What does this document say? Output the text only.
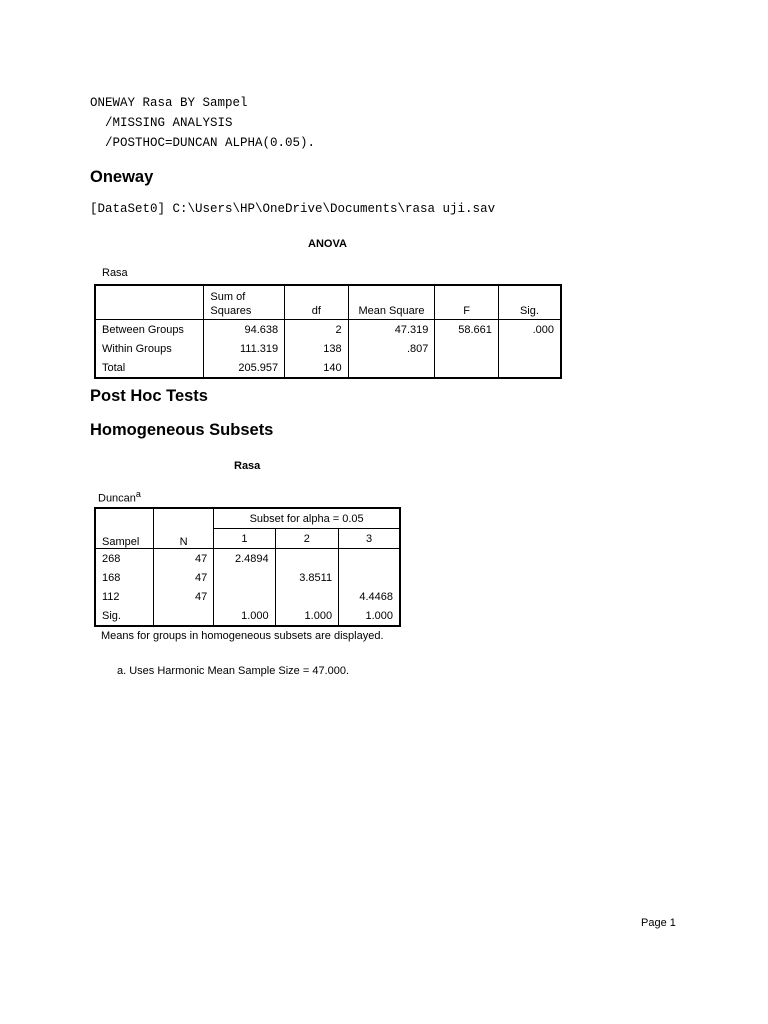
ONEWAY Rasa BY Sampel
/MISSING ANALYSIS
/POSTHOC=DUNCAN ALPHA(0.05).
Oneway
[DataSet0] C:\Users\HP\OneDrive\Documents\rasa uji.sav
ANOVA
Rasa
	Sum of
Squares	df	Mean Square	F	Sig.
Between Groups	94.638	2	47.319	58.661	.000
Within Groups	111.319	138	.807		
Total	205.957	140			
Post Hoc Tests
Homogeneous Subsets
Rasa
Duncan$^a$
Sampel	N	Subset for alpha = 0.05		
		1	2	3
268	47	2.4894		
168	47		3.8511	
112	47			4.4468
Sig.		1.000	1.000	1.000
Means for groups in homogeneous subsets are displayed.
a. Uses Harmonic Mean Sample Size = 47.000.
Page 1
